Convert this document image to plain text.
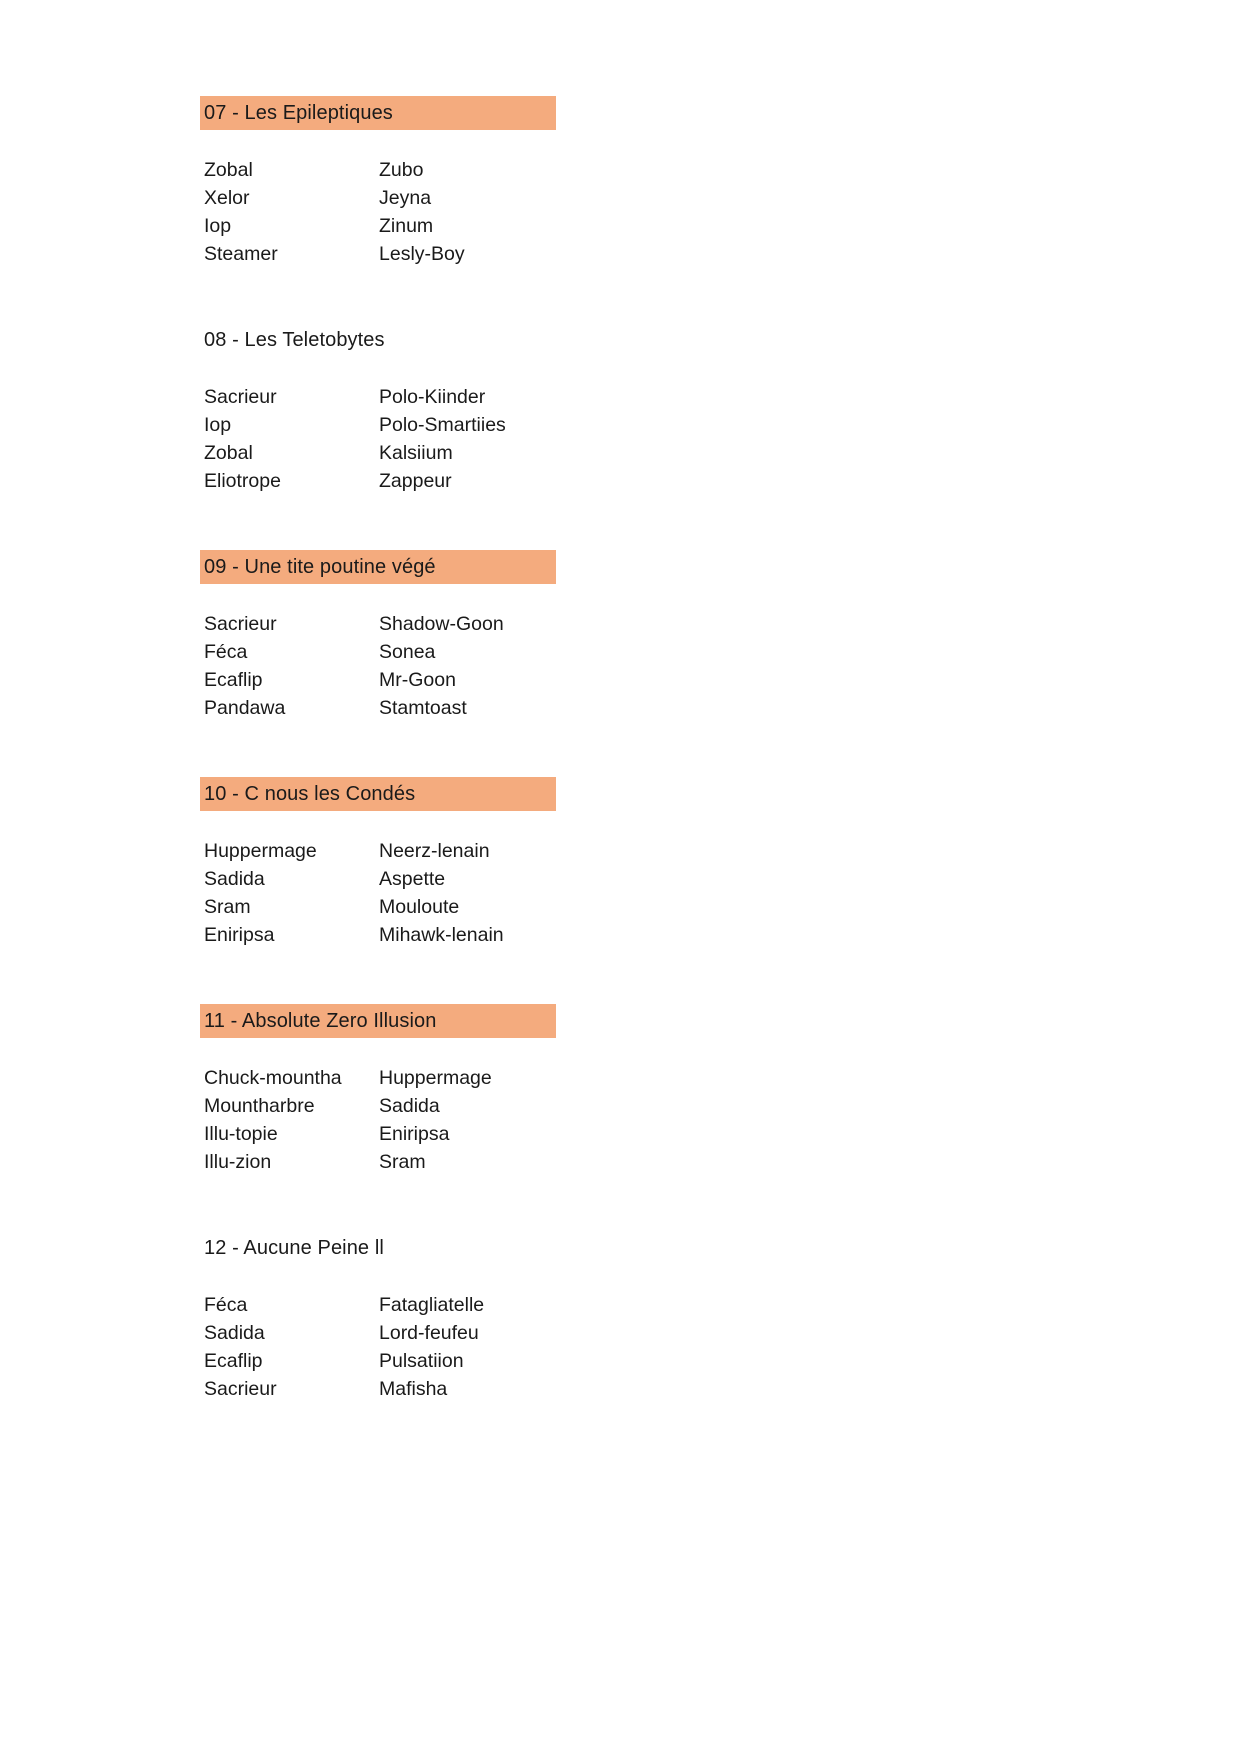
07 - Les Epileptiques
Zobal	Zubo
Xelor	Jeyna
Iop	Zinum
Steamer	Lesly-Boy
08 - Les Teletobytes
Sacrieur	Polo-Kiinder
Iop	Polo-Smartiies
Zobal	Kalsiium
Eliotrope	Zappeur
09 - Une tite poutine végé
Sacrieur	Shadow-Goon
Féca	Sonea
Ecaflip	Mr-Goon
Pandawa	Stamtoast
10 - C nous les Condés
Huppermage	Neerz-lenain
Sadida	Aspette
Sram	Mouloute
Eniripsa	Mihawk-lenain
11 - Absolute Zero Illusion
Chuck-mountha	Huppermage
Mountharbre	Sadida
Illu-topie	Eniripsa
Illu-zion	Sram
12 - Aucune Peine ll
Féca	Fatagliatelle
Sadida	Lord-feufeu
Ecaflip	Pulsatiion
Sacrieur	Mafisha
